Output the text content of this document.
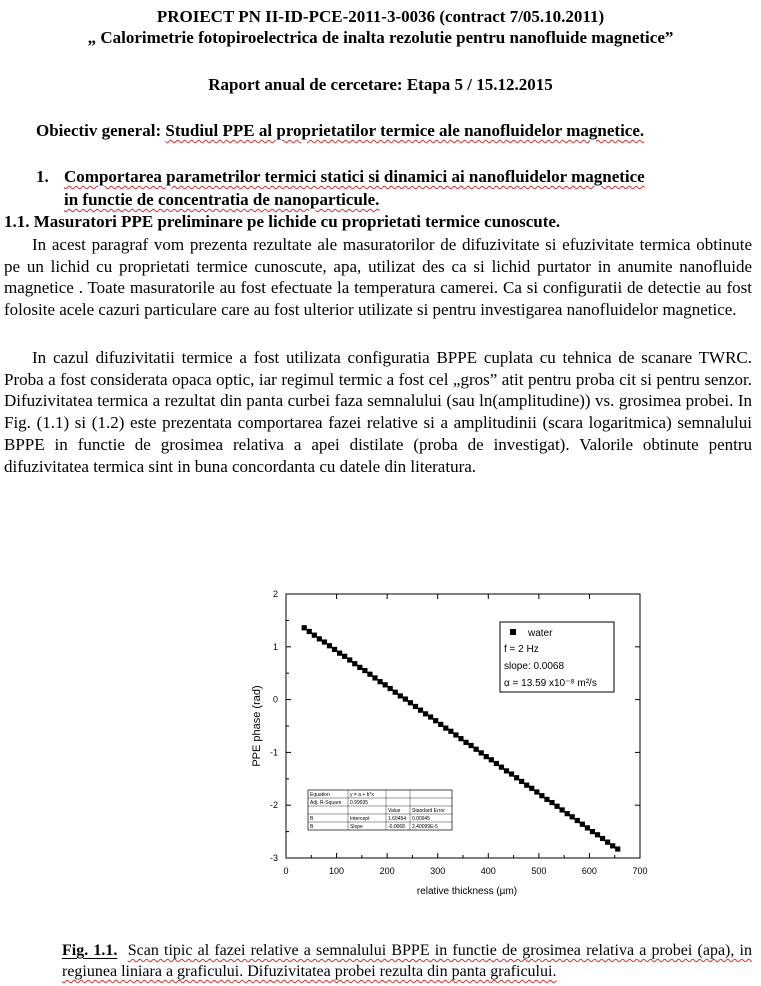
PROIECT PN II-ID-PCE-2011-3-0036 (contract 7/05.10.2011)
„ Calorimetrie fotopiroelectrica de inalta rezolutie pentru nanofluide magnetice”
Raport anual de cercetare: Etapa 5 / 15.12.2015
Obiectiv general: Studiul PPE al proprietatilor termice ale nanofluidelor magnetice.
1. Comportarea parametrilor termici statici si dinamici ai nanofluidelor magnetice
in functie de concentratia de nanoparticule.
1.1. Masuratori PPE preliminare pe lichide cu proprietati termice cunoscute.

In acest paragraf vom prezenta rezultate ale masuratorilor de difuzivitate si efuzivitate termica obtinute pe un lichid cu proprietati termice cunoscute, apa, utilizat des ca si lichid purtator in anumite nanofluide magnetice . Toate masuratorile au fost efectuate la temperatura camerei. Ca si configuratii de detectie au fost folosite acele cazuri particulare care au fost ulterior utilizate si pentru investigarea nanofluidelor magnetice.

In cazul difuzivitatii termice a fost utilizata configuratia BPPE cuplata cu tehnica de scanare TWRC. Proba a fost considerata opaca optic, iar regimul termic a fost cel „gros” atit pentru proba cit si pentru senzor. Difuzivitatea termica a rezultat din panta curbei faza semnalului (sau ln(amplitudine)) vs. grosimea probei. In Fig. (1.1) si (1.2) este prezentata comportarea fazei relative si a amplitudinii (scara logaritmica) semnalului BPPE in functie de grosimea relativa a apei distilate (proba de investigat). Valorile obtinute pentru difuzivitatea termica sint in buna concordanta cu datele din literatura.

0	100	200	300	400	500	600	700
-3
-2
-1
0
1
2
relative thickness (µm)
PPE phase (rad)
water
f = 2 Hz
slope: 0.0068
α = 13.59 x10⁻⁸ m²/s
Equation	y = a + b*x
Adj. R-Square 0.99935
Value Standard Error
B	Intercept	1.60454 0.00945
B	Slope	-0.0068 2.40099E-5
Fig. 1.1. Scan tipic al fazei relative a semnalului BPPE in functie de grosimea relativa a probei (apa), in regiunea liniara a graficului. Difuzivitatea probei rezulta din panta graficului.
